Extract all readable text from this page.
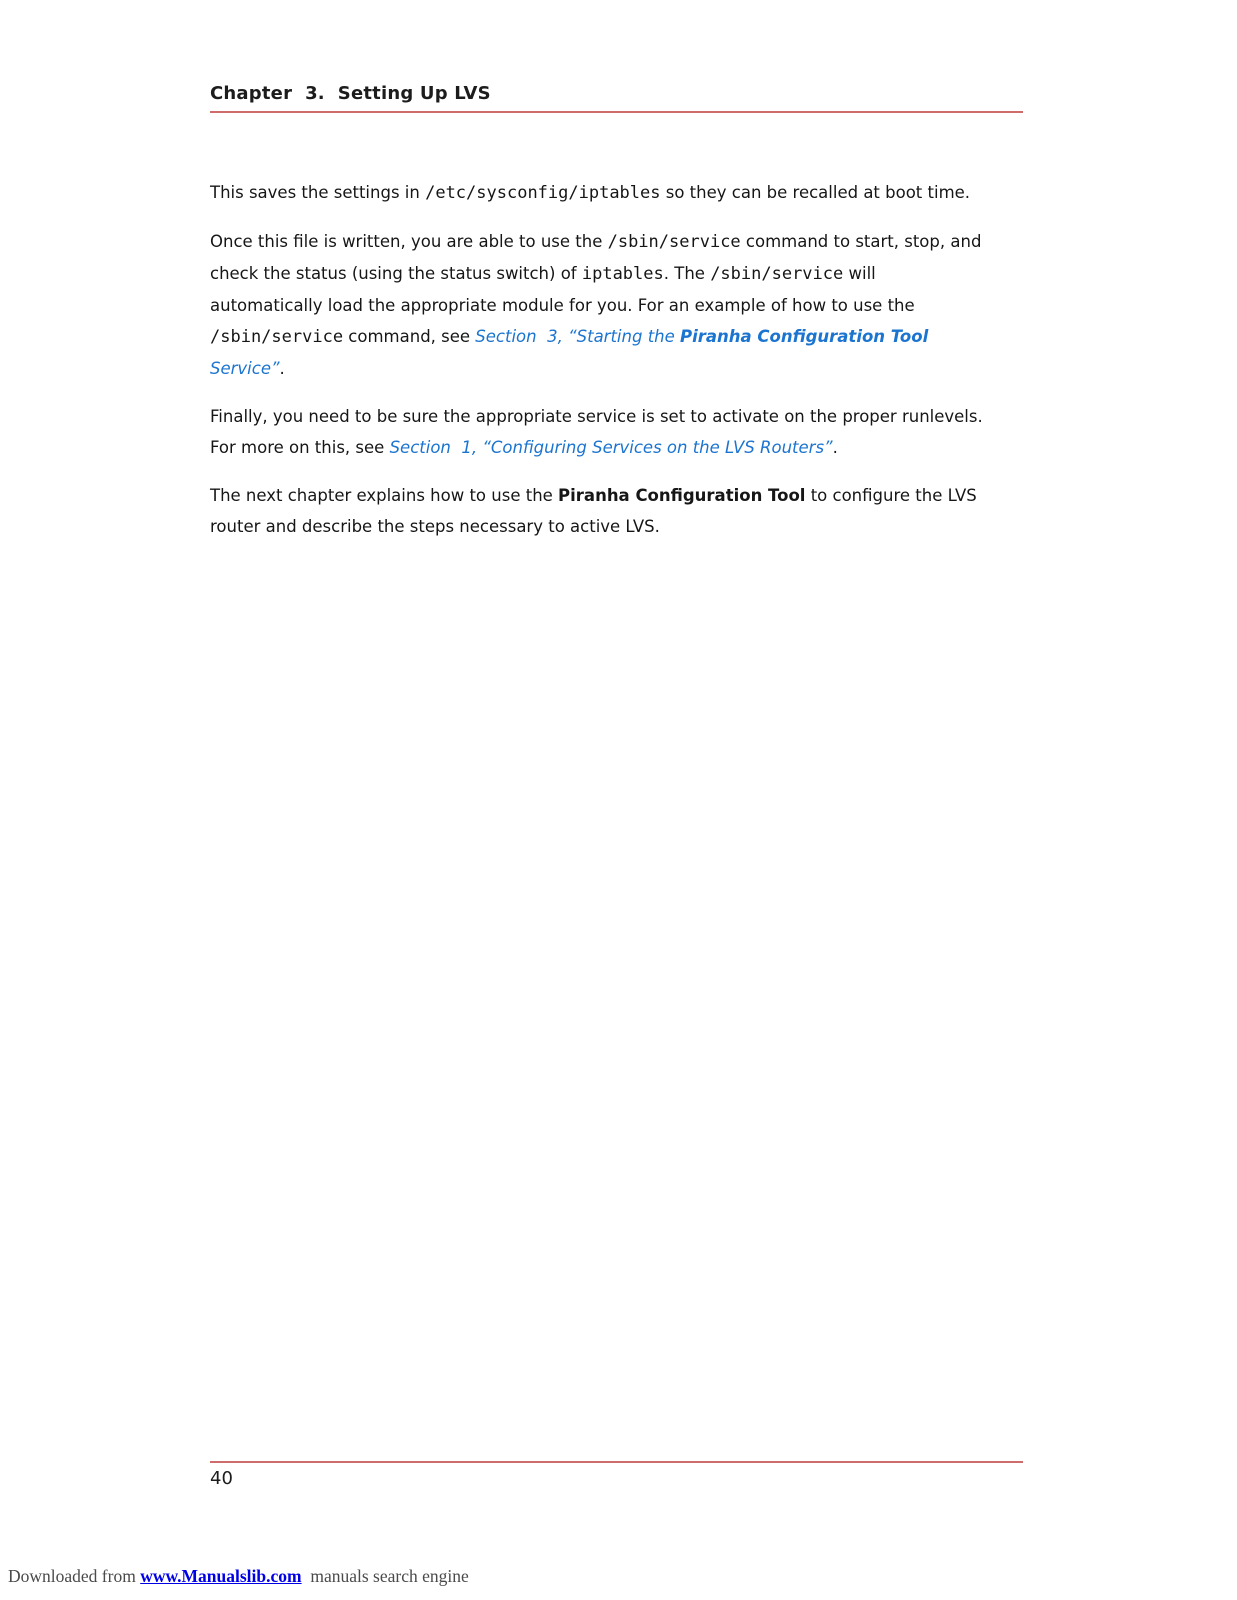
Chapter  3.  Setting Up LVS

This saves the settings in /etc/sysconfig/iptables so they can be recalled at boot time.

Once this file is written, you are able to use the /sbin/service command to start, stop, and check the status (using the status switch) of iptables. The /sbin/service will automatically load the appropriate module for you. For an example of how to use the /sbin/service command, see Section  3, “Starting the Piranha Configuration Tool Service”.

Finally, you need to be sure the appropriate service is set to activate on the proper runlevels. For more on this, see Section  1, “Configuring Services on the LVS Routers”.

The next chapter explains how to use the Piranha Configuration Tool to configure the LVS router and describe the steps necessary to active LVS.

40
Downloaded from www.Manualslib.com  manuals search engine
